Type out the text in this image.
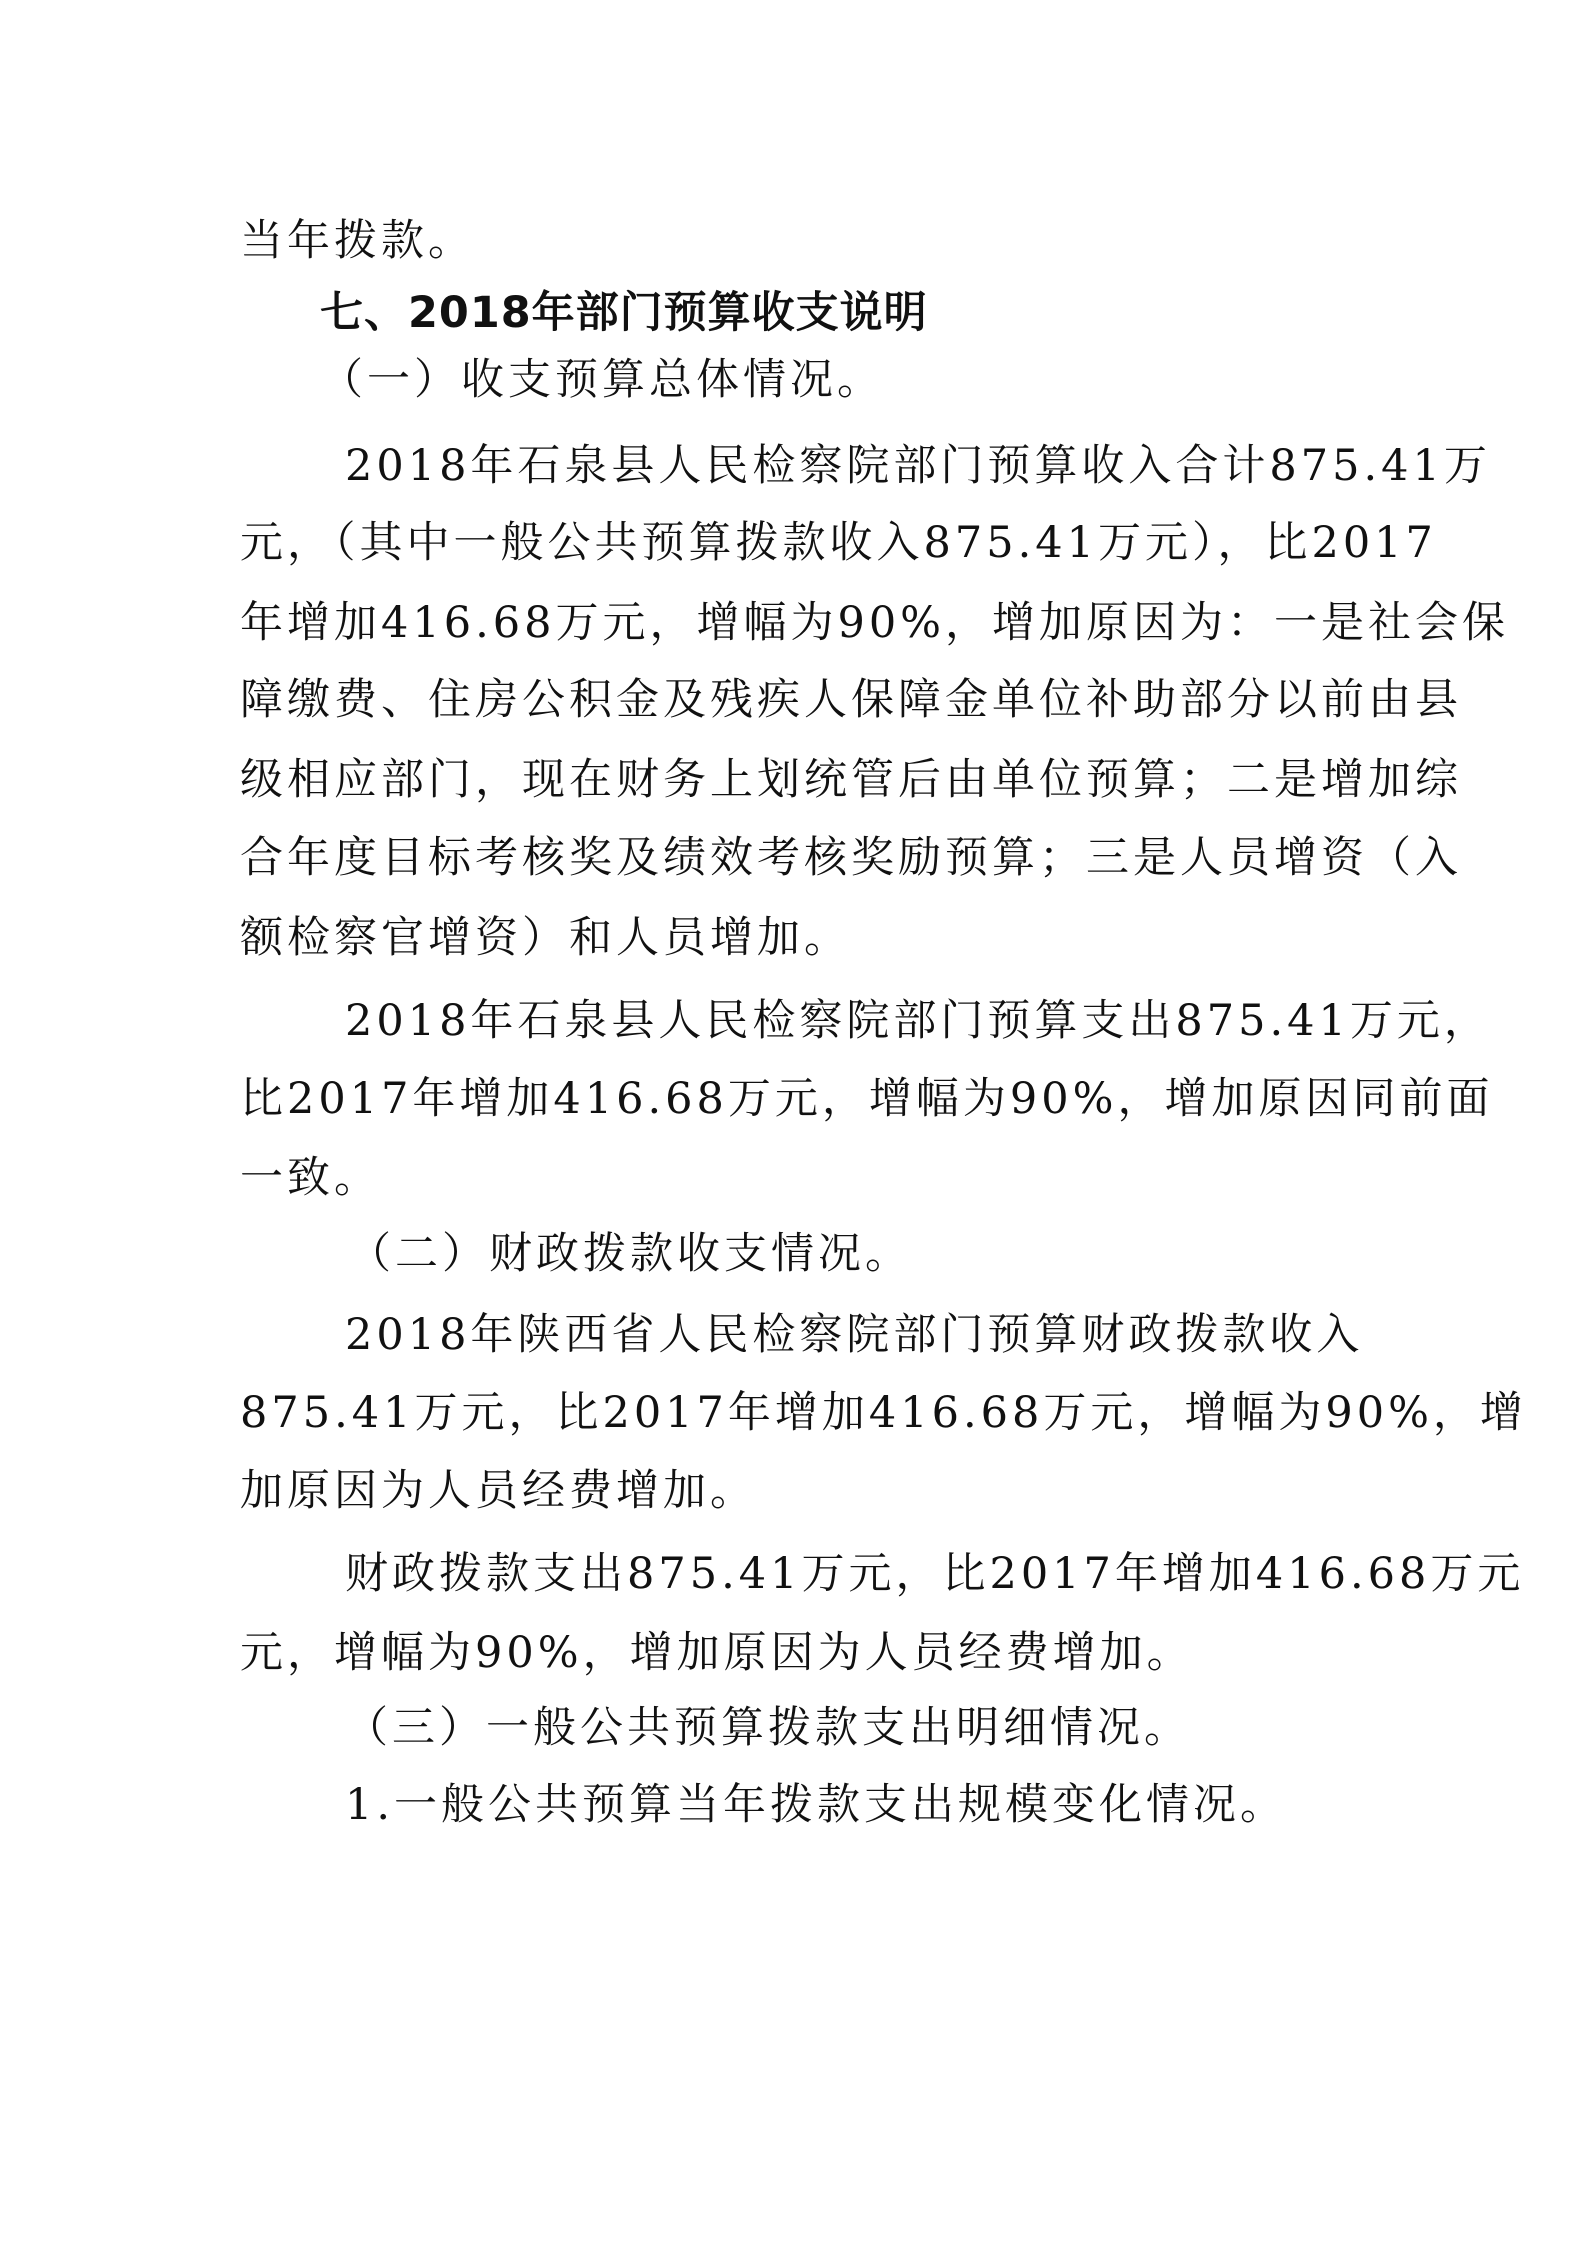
当年拨款。
七、2018年部门预算收支说明
（一）收支预算总体情况。
2018年石泉县人民检察院部门预算收入合计875.41万
元，（其中一般公共预算拨款收入875.41万元），比2017
年增加416.68万元，增幅为90%，增加原因为：一是社会保
障缴费、住房公积金及残疾人保障金单位补助部分以前由县
级相应部门，现在财务上划统管后由单位预算；二是增加综
合年度目标考核奖及绩效考核奖励预算；三是人员增资（入
额检察官增资）和人员增加。
2018年石泉县人民检察院部门预算支出875.41万元，
比2017年增加416.68万元，增幅为90%，增加原因同前面
一致。
（二）财政拨款收支情况。
2018年陕西省人民检察院部门预算财政拨款收入
875.41万元，比2017年增加416.68万元，增幅为90%，增
加原因为人员经费增加。
财政拨款支出875.41万元，比2017年增加416.68万元
元，增幅为90%，增加原因为人员经费增加。
（三）一般公共预算拨款支出明细情况。
1.一般公共预算当年拨款支出规模变化情况。
